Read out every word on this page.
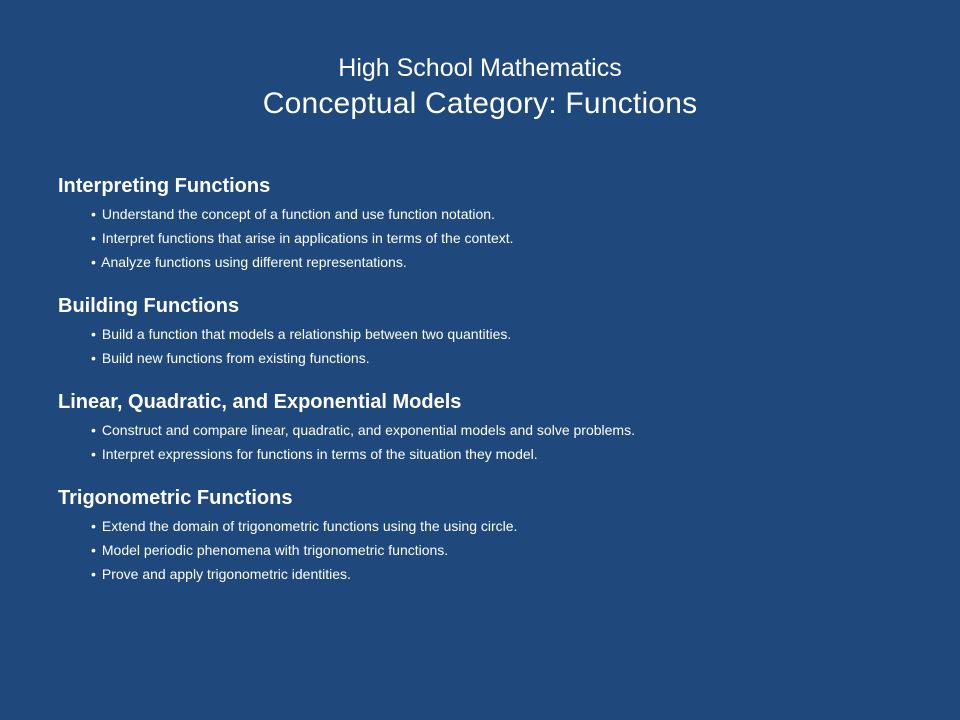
High School Mathematics

Conceptual Category: Functions

Interpreting Functions
• Understand the concept of a function and use function notation.
• Interpret functions that arise in applications in terms of the context.
• Analyze functions using different representations.
Building Functions
• Build a function that models a relationship between two quantities.
• Build new functions from existing functions.
Linear, Quadratic, and Exponential Models
• Construct and compare linear, quadratic, and exponential models and solve problems.
• Interpret expressions for functions in terms of the situation they model.
Trigonometric Functions
• Extend the domain of trigonometric functions using the using circle.
• Model periodic phenomena with trigonometric functions.
• Prove and apply trigonometric identities.
